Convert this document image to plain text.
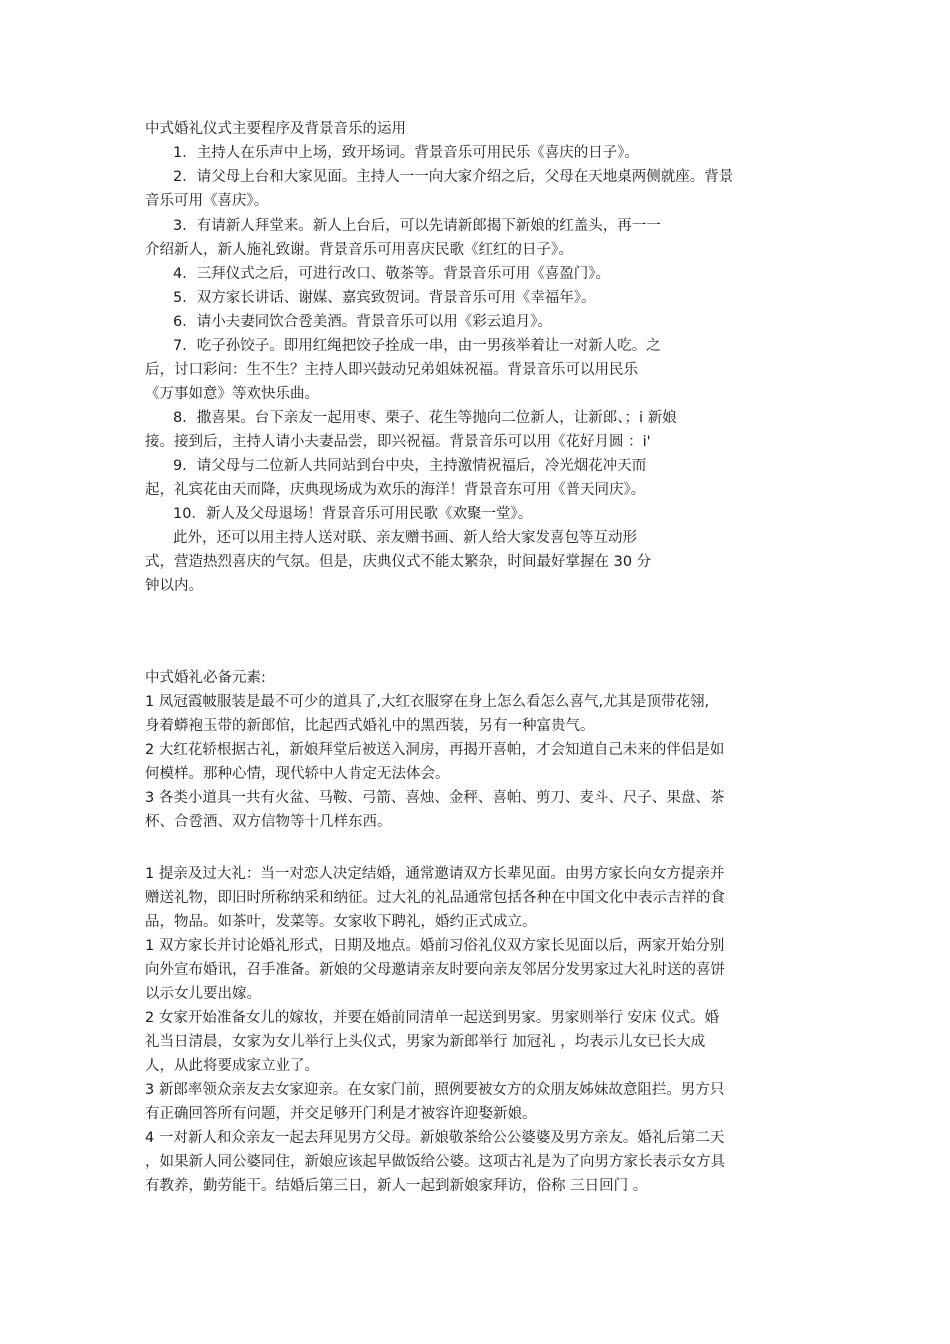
中式婚礼仪式主要程序及背景音乐的运用
1．主持人在乐声中上场，致开场词。背景音乐可用民乐《喜庆的日子》。
2．请父母上台和大家见面。主持人一一向大家介绍之后，父母在天地桌两侧就座。背景
音乐可用《喜庆》。
3．有请新人拜堂来。新人上台后，可以先请新郎揭下新娘的红盖头，再一一
介绍新人，新人施礼致谢。背景音乐可用喜庆民歌《红红的日子》。
4．三拜仪式之后，可进行改口、敬茶等。背景音乐可用《喜盈门》。
5．双方家长讲话、谢媒、嘉宾致贺词。背景音乐可用《幸福年》。
6．请小夫妻同饮合卺美酒。背景音乐可以用《彩云追月》。
7．吃子孙饺子。即用红绳把饺子拴成一串，由一男孩举着让一对新人吃。之
后，讨口彩问：生不生？主持人即兴鼓动兄弟姐妹祝福。背景音乐可以用民乐
《万事如意》等欢快乐曲。
8．撒喜果。台下亲友一起用枣、栗子、花生等抛向二位新人，让新郎、；i 新娘
接。接到后，主持人请小夫妻品尝，即兴祝福。背景音乐可以用《花好月圆 ：i'
9．请父母与二位新人共同站到台中央，主持激情祝福后，冷光烟花冲天而
起，礼宾花由天而降，庆典现场成为欢乐的海洋！背景音东可用《普天同庆》。
10．新人及父母退场！背景音乐可用民歌《欢聚一堂》。
此外，还可以用主持人送对联、亲友赠书画、新人给大家发喜包等互动形
式，营造热烈喜庆的气氛。但是，庆典仪式不能太繁杂，时间最好掌握在 30 分
钟以内。
中式婚礼必备元素:
1 凤冠霞帔服装是最不可少的道具了,大红衣服穿在身上怎么看怎么喜气,尤其是顶带花翎,
身着蟒袍玉带的新郎倌，比起西式婚礼中的黑西装，另有一种富贵气。
2 大红花轿根据古礼，新娘拜堂后被送入洞房，再揭开喜帕，才会知道自己未来的伴侣是如
何模样。那种心情，现代轿中人肯定无法体会。
3 各类小道具一共有火盆、马鞍、弓箭、喜烛、金秤、喜帕、剪刀、麦斗、尺子、果盘、茶
杯、合卺酒、双方信物等十几样东西。
1 提亲及过大礼：当一对恋人决定结婚，通常邀请双方长辈见面。由男方家长向女方提亲并
赠送礼物，即旧时所称纳采和纳征。过大礼的礼品通常包括各种在中国文化中表示吉祥的食
品，物品。如茶叶，发菜等。女家收下聘礼，婚约正式成立。
1 双方家长并讨论婚礼形式，日期及地点。婚前习俗礼仪双方家长见面以后，两家开始分别
向外宣布婚讯，召手准备。新娘的父母邀请亲友时要向亲友邻居分发男家过大礼时送的喜饼
以示女儿要出嫁。
2 女家开始准备女儿的嫁妆，并要在婚前同清单一起送到男家。男家则举行 安床 仪式。婚
礼当日清晨，女家为女儿举行上头仪式，男家为新郎举行 加冠礼 ，均表示儿女已长大成
人，从此将要成家立业了。
3 新郎率领众亲友去女家迎亲。在女家门前，照例要被女方的众朋友姊妹故意阻拦。男方只
有正确回答所有问题，并交足够开门利是才被容许迎娶新娘。
4 一对新人和众亲友一起去拜见男方父母。新娘敬茶给公公婆婆及男方亲友。婚礼后第二天
，如果新人同公婆同住，新娘应该起早做饭给公婆。这项古礼是为了向男方家长表示女方具
有教养，勤劳能干。结婚后第三日，新人一起到新娘家拜访，俗称 三日回门 。
